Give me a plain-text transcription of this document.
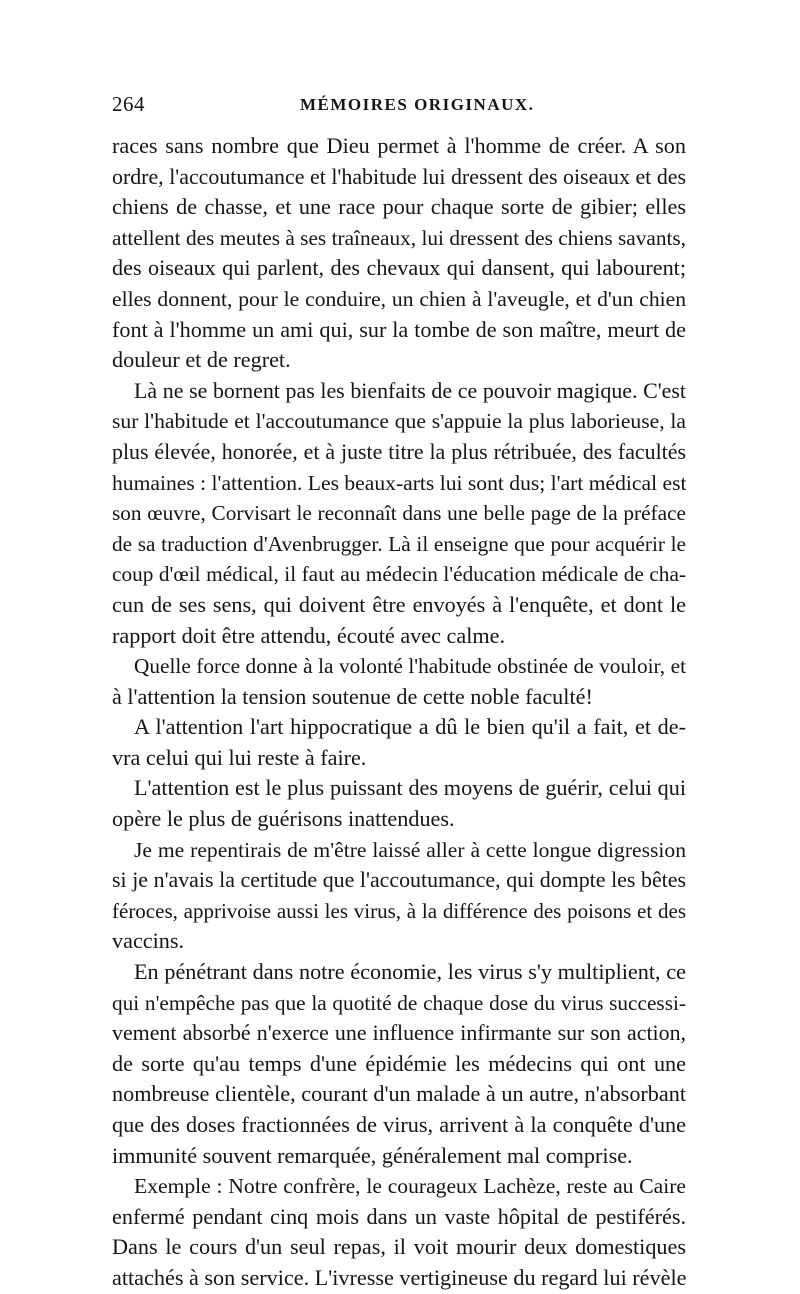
264	MÉMOIRES ORIGINAUX.
races sans nombre que Dieu permet à l'homme de créer. A son
ordre, l'accoutumance et l'habitude lui dressent des oiseaux et des
chiens de chasse, et une race pour chaque sorte de gibier; elles
attellent des meutes à ses traîneaux, lui dressent des chiens savants,
des oiseaux qui parlent, des chevaux qui dansent, qui labourent;
elles donnent, pour le conduire, un chien à l'aveugle, et d'un chien
font à l'homme un ami qui, sur la tombe de son maître, meurt de
douleur et de regret.
Là ne se bornent pas les bienfaits de ce pouvoir magique. C'est
sur l'habitude et l'accoutumance que s'appuie la plus laborieuse, la
plus élevée, honorée, et à juste titre la plus rétribuée, des facultés
humaines : l'attention. Les beaux-arts lui sont dus; l'art médical est
son œuvre, Corvisart le reconnaît dans une belle page de la préface
de sa traduction d'Avenbrugger. Là il enseigne que pour acquérir le
coup d'œil médical, il faut au médecin l'éducation médicale de cha-
cun de ses sens, qui doivent être envoyés à l'enquête, et dont le
rapport doit être attendu, écouté avec calme.
Quelle force donne à la volonté l'habitude obstinée de vouloir, et
à l'attention la tension soutenue de cette noble faculté!
A l'attention l'art hippocratique a dû le bien qu'il a fait, et de-
vra celui qui lui reste à faire.
L'attention est le plus puissant des moyens de guérir, celui qui
opère le plus de guérisons inattendues.
Je me repentirais de m'être laissé aller à cette longue digression
si je n'avais la certitude que l'accoutumance, qui dompte les bêtes
féroces, apprivoise aussi les virus, à la différence des poisons et des
vaccins.
En pénétrant dans notre économie, les virus s'y multiplient, ce
qui n'empêche pas que la quotité de chaque dose du virus successi-
vement absorbé n'exerce une influence infirmante sur son action,
de sorte qu'au temps d'une épidémie les médecins qui ont une
nombreuse clientèle, courant d'un malade à un autre, n'absorbant
que des doses fractionnées de virus, arrivent à la conquête d'une
immunité souvent remarquée, généralement mal comprise.
Exemple : Notre confrère, le courageux Lachèze, reste au Caire
enfermé pendant cinq mois dans un vaste hôpital de pestiférés.
Dans le cours d'un seul repas, il voit mourir deux domestiques
attachés à son service. L'ivresse vertigineuse du regard lui révèle
